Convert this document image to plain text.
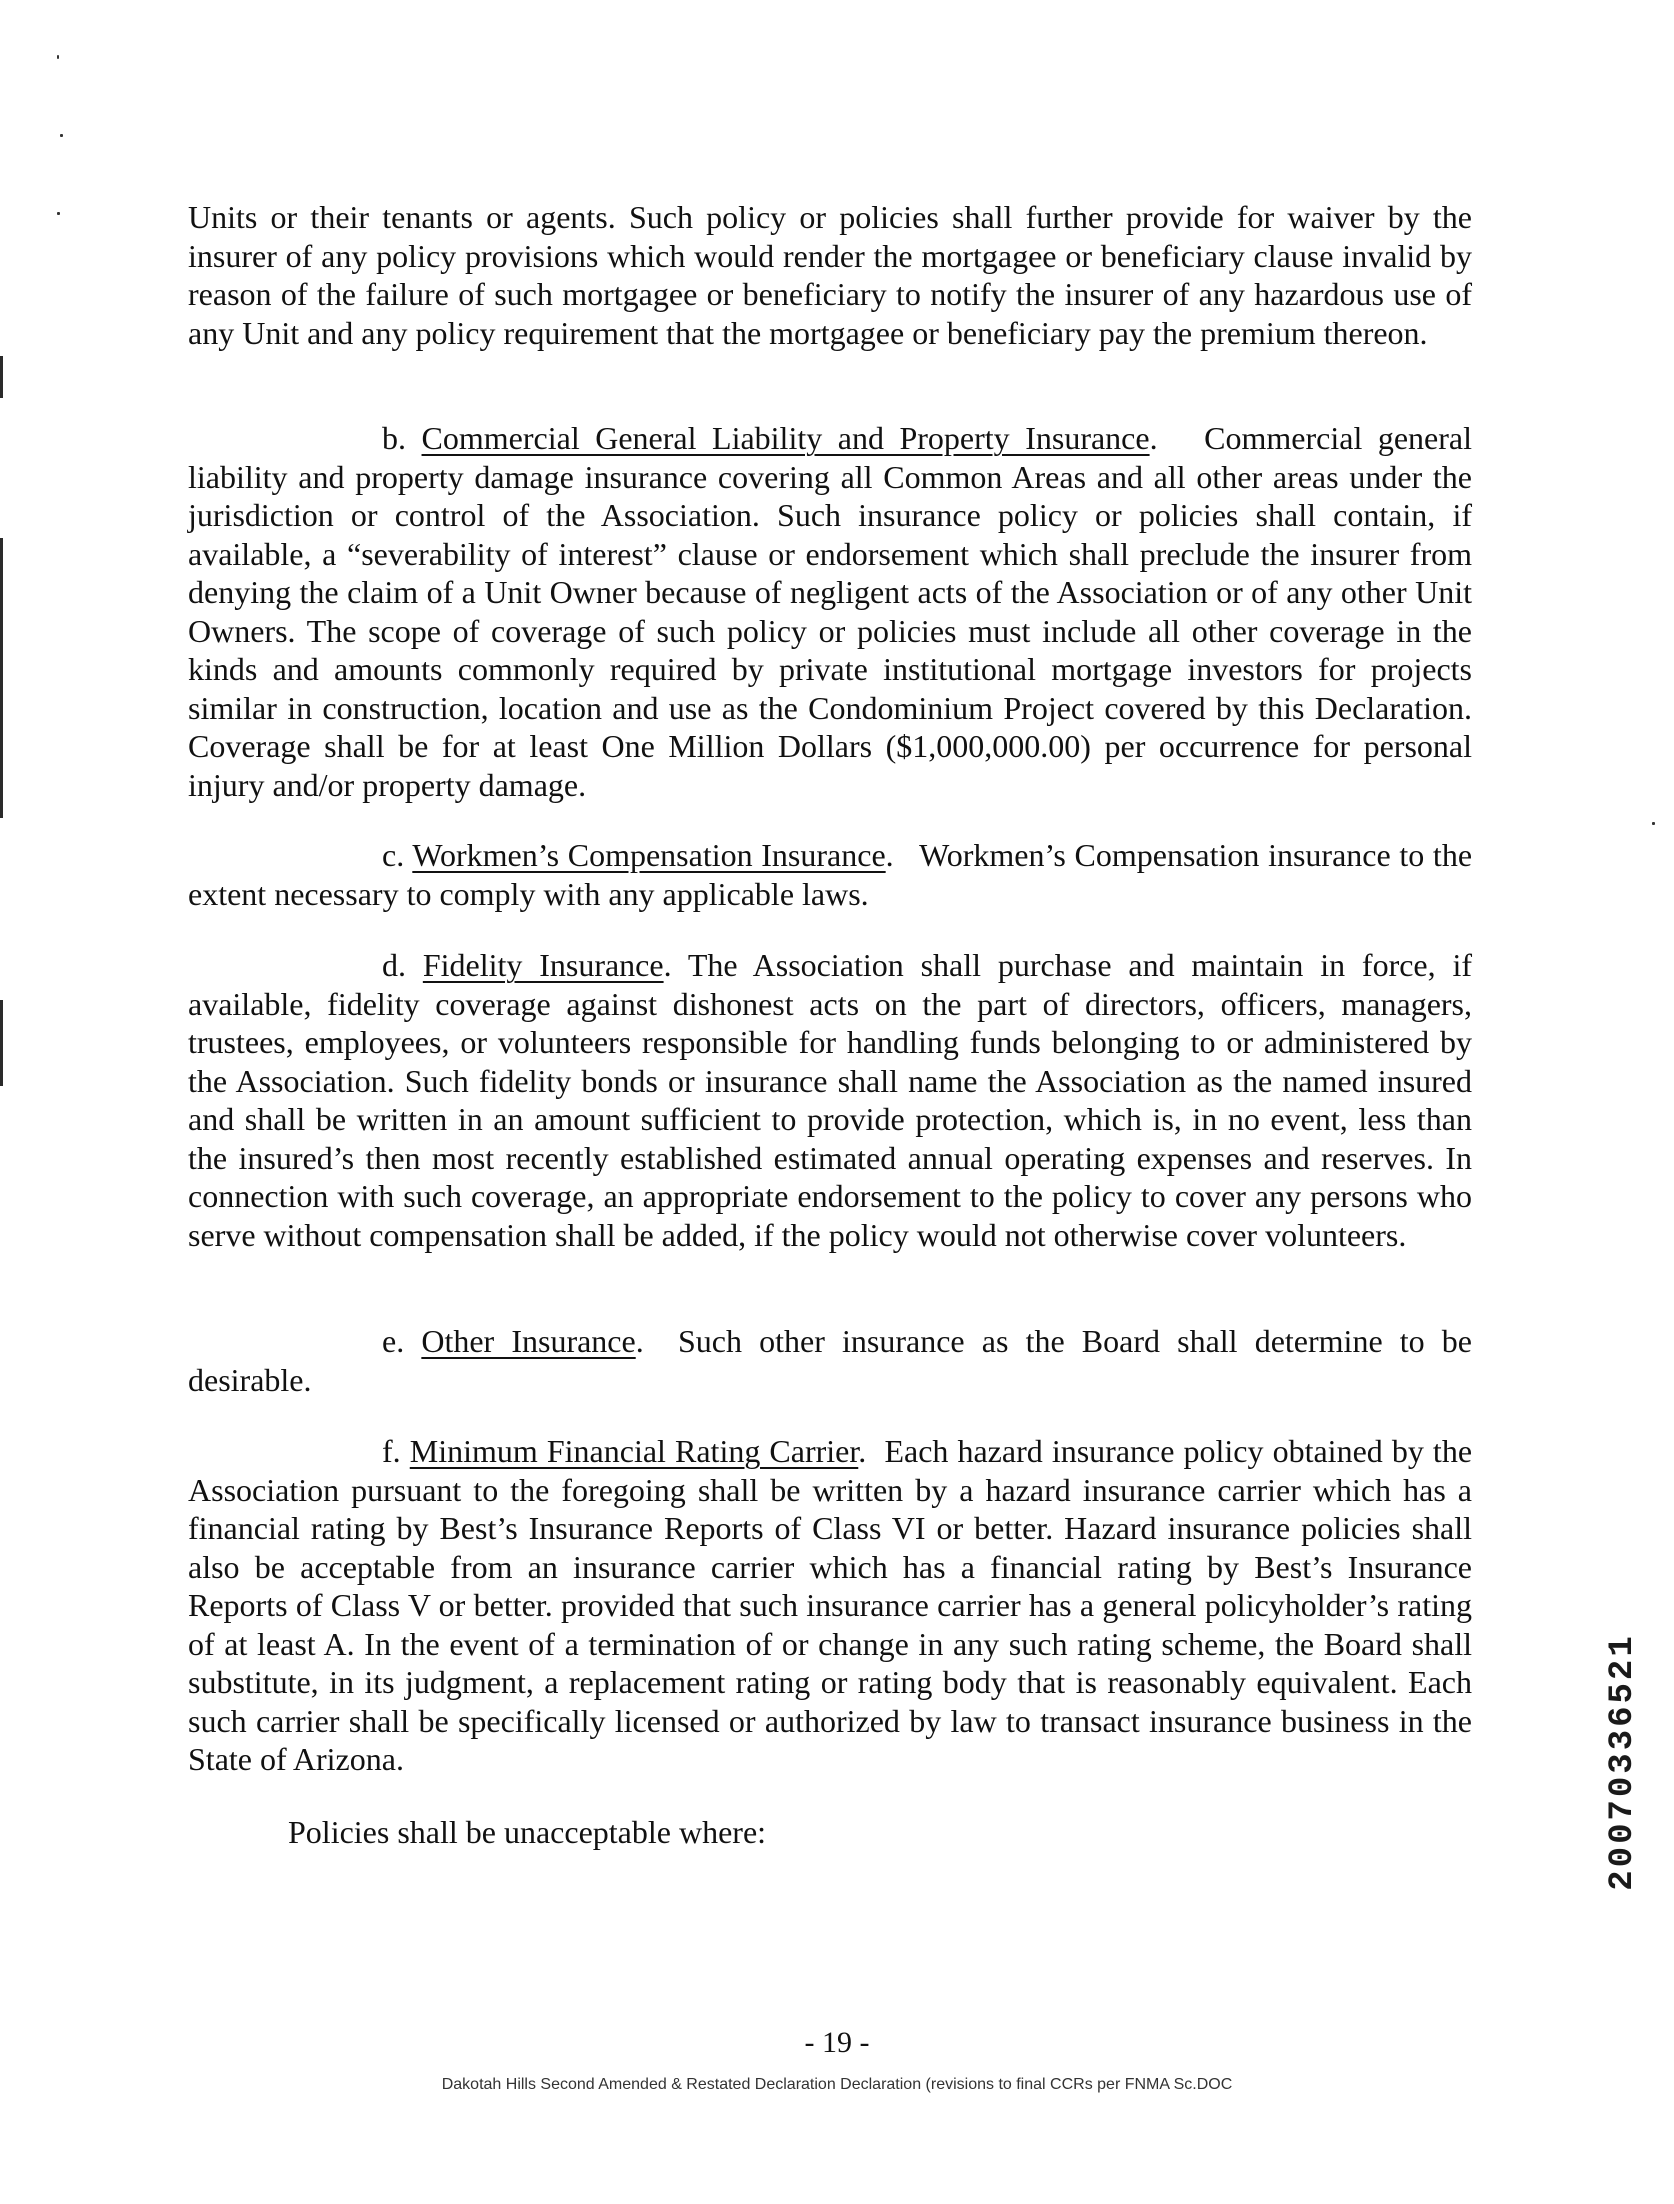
Units or their tenants or agents. Such policy or policies shall further provide for waiver by the insurer of any policy provisions which would render the mortgagee or beneficiary clause invalid by reason of the failure of such mortgagee or beneficiary to notify the insurer of any hazardous use of any Unit and any policy requirement that the mortgagee or beneficiary pay the premium thereon.
b. Commercial General Liability and Property Insurance.   Commercial general liability and property damage insurance covering all Common Areas and all other areas under the jurisdiction or control of the Association. Such insurance policy or policies shall contain, if available, a “severability of interest” clause or endorsement which shall preclude the insurer from denying the claim of a Unit Owner because of negligent acts of the Association or of any other Unit Owners. The scope of coverage of such policy or policies must include all other coverage in the kinds and amounts commonly required by private institutional mortgage investors for projects similar in construction, location and use as the Condominium Project covered by this Declaration. Coverage shall be for at least One Million Dollars ($1,000,000.00) per occurrence for personal injury and/or property damage.
c. Workmen’s Compensation Insurance.   Workmen’s Compensation insurance to the extent necessary to comply with any applicable laws.
d. Fidelity Insurance. The Association shall purchase and maintain in force, if available, fidelity coverage against dishonest acts on the part of directors, officers, managers, trustees, employees, or volunteers responsible for handling funds belonging to or administered by the Association. Such fidelity bonds or insurance shall name the Association as the named insured and shall be written in an amount sufficient to provide protection, which is, in no event, less than the insured’s then most recently established estimated annual operating expenses and reserves. In connection with such coverage, an appropriate endorsement to the policy to cover any persons who serve without compensation shall be added, if the policy would not otherwise cover volunteers.
e. Other Insurance.  Such other insurance as the Board shall determine to be desirable.
f. Minimum Financial Rating Carrier.  Each hazard insurance policy obtained by the Association pursuant to the foregoing shall be written by a hazard insurance carrier which has a financial rating by Best’s Insurance Reports of Class VI or better. Hazard insurance policies shall also be acceptable from an insurance carrier which has a financial rating by Best’s Insurance Reports of Class V or better. provided that such insurance carrier has a general policyholder’s rating of at least A. In the event of a termination of or change in any such rating scheme, the Board shall substitute, in its judgment, a replacement rating or rating body that is reasonably equivalent. Each such carrier shall be specifically licensed or authorized by law to transact insurance business in the State of Arizona.
Policies shall be unacceptable where:
- 19 -
Dakotah Hills Second Amended & Restated Declaration Declaration (revisions to final CCRs per FNMA Sc.DOC
20070336521
